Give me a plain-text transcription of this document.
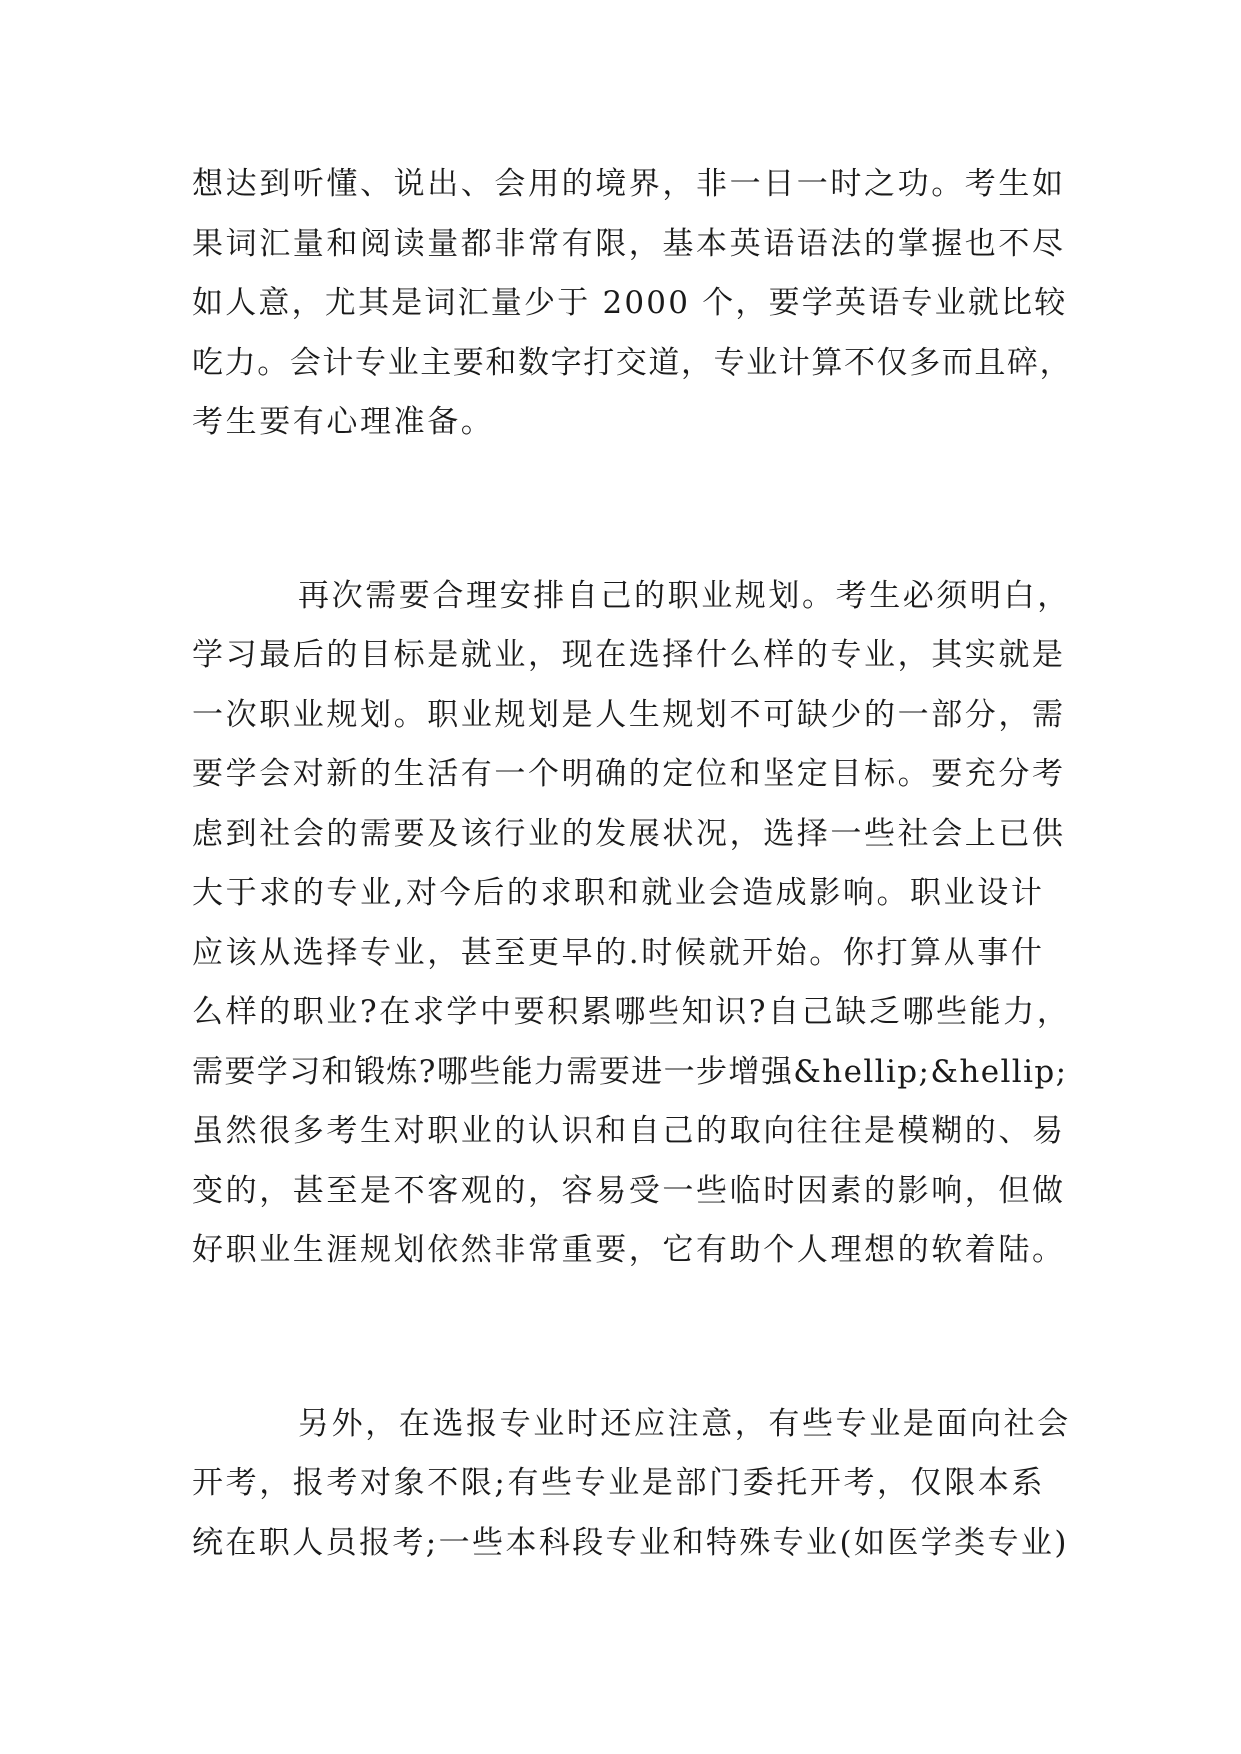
想达到听懂、说出、会用的境界，非一日一时之功。考生如
果词汇量和阅读量都非常有限，基本英语语法的掌握也不尽
如人意，尤其是词汇量少于 2000 个，要学英语专业就比较
吃力。会计专业主要和数字打交道，专业计算不仅多而且碎，
考生要有心理准备。
再次需要合理安排自己的职业规划。考生必须明白，
学习最后的目标是就业，现在选择什么样的专业，其实就是
一次职业规划。职业规划是人生规划不可缺少的一部分，需
要学会对新的生活有一个明确的定位和坚定目标。要充分考
虑到社会的需要及该行业的发展状况，选择一些社会上已供
大于求的专业,对今后的求职和就业会造成影响。职业设计
应该从选择专业，甚至更早的.时候就开始。你打算从事什
么样的职业?在求学中要积累哪些知识?自己缺乏哪些能力，
需要学习和锻炼?哪些能力需要进一步增强&hellip;&hellip;
虽然很多考生对职业的认识和自己的取向往往是模糊的、易
变的，甚至是不客观的，容易受一些临时因素的影响，但做
好职业生涯规划依然非常重要，它有助个人理想的软着陆。
另外，在选报专业时还应注意，有些专业是面向社会
开考，报考对象不限;有些专业是部门委托开考，仅限本系
统在职人员报考;一些本科段专业和特殊专业(如医学类专业)
